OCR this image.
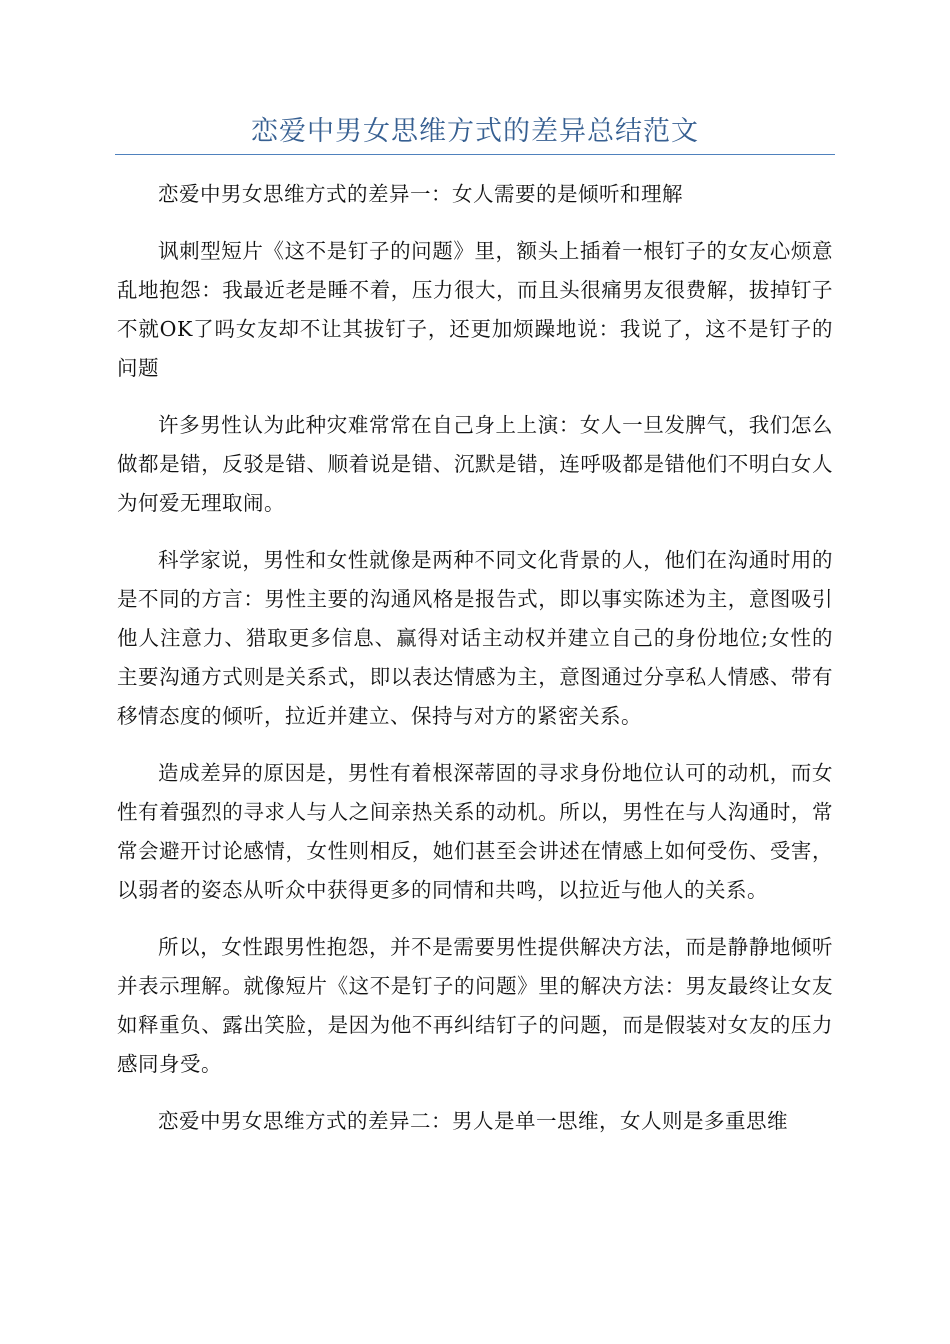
恋爱中男女思维方式的差异总结范文

恋爱中男女思维方式的差异一：女人需要的是倾听和理解

讽刺型短片《这不是钉子的问题》里，额头上插着一根钉子的女友心烦意乱地抱怨：我最近老是睡不着，压力很大，而且头很痛男友很费解，拔掉钉子不就OK了吗女友却不让其拔钉子，还更加烦躁地说：我说了，这不是钉子的问题

许多男性认为此种灾难常常在自己身上上演：女人一旦发脾气，我们怎么做都是错，反驳是错、顺着说是错、沉默是错，连呼吸都是错他们不明白女人为何爱无理取闹。

科学家说，男性和女性就像是两种不同文化背景的人，他们在沟通时用的是不同的方言：男性主要的沟通风格是报告式，即以事实陈述为主，意图吸引他人注意力、猎取更多信息、赢得对话主动权并建立自己的身份地位;女性的主要沟通方式则是关系式，即以表达情感为主，意图通过分享私人情感、带有移情态度的倾听，拉近并建立、保持与对方的紧密关系。

造成差异的原因是，男性有着根深蒂固的寻求身份地位认可的动机，而女性有着强烈的寻求人与人之间亲热关系的动机。所以，男性在与人沟通时，常常会避开讨论感情，女性则相反，她们甚至会讲述在情感上如何受伤、受害，以弱者的姿态从听众中获得更多的同情和共鸣，以拉近与他人的关系。

所以，女性跟男性抱怨，并不是需要男性提供解决方法，而是静静地倾听并表示理解。就像短片《这不是钉子的问题》里的解决方法：男友最终让女友如释重负、露出笑脸，是因为他不再纠结钉子的问题，而是假装对女友的压力感同身受。

恋爱中男女思维方式的差异二：男人是单一思维，女人则是多重思维
